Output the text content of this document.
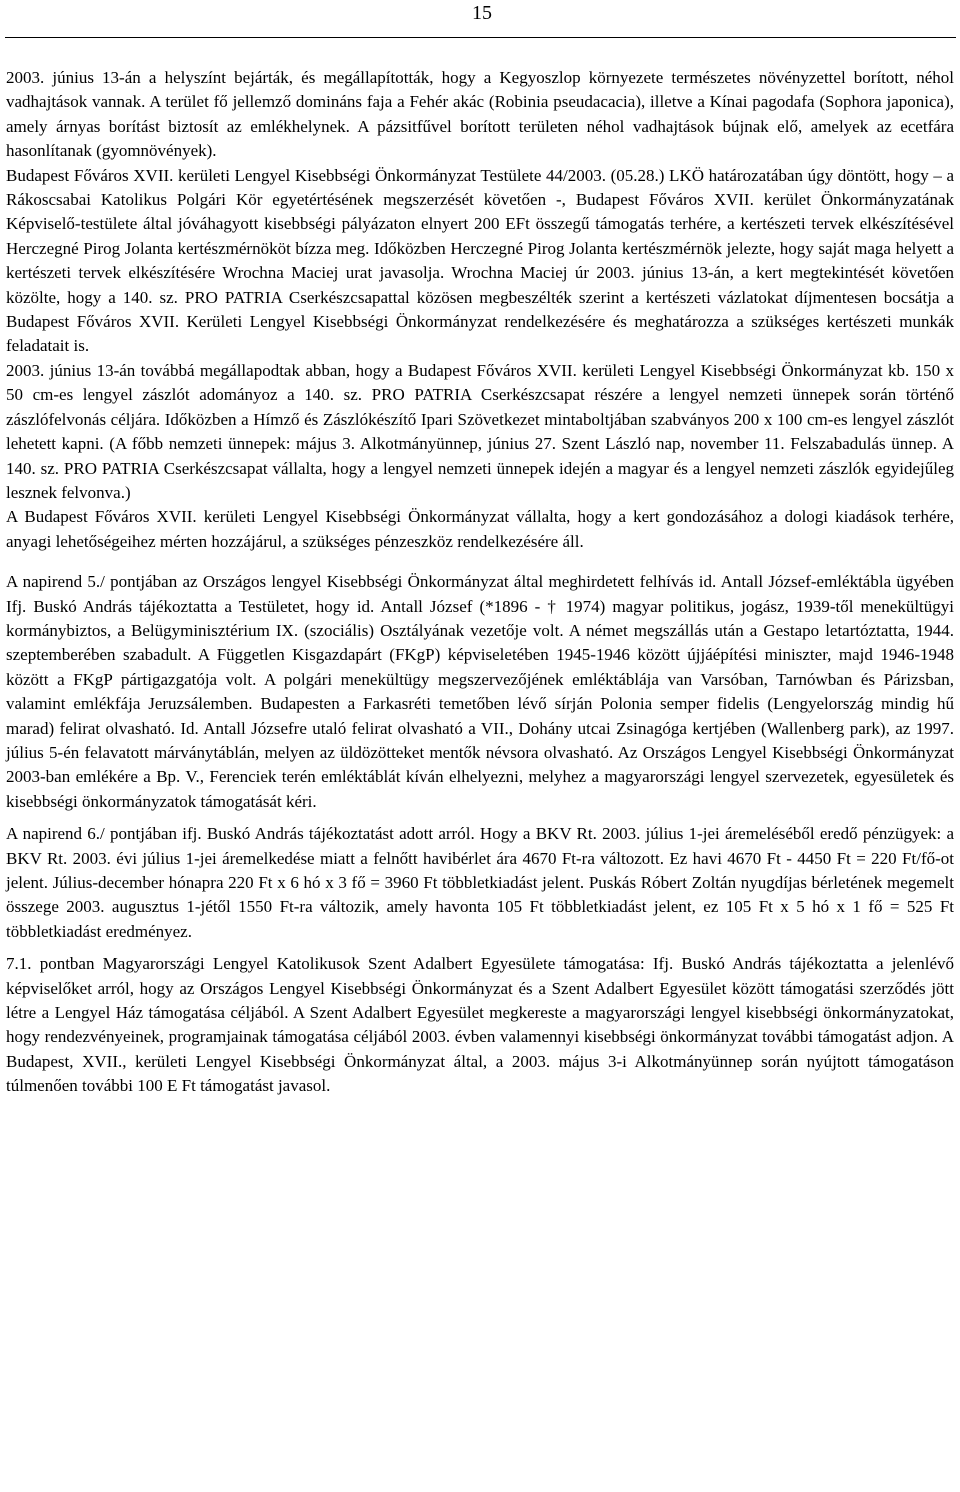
15

2003. június 13-án a helyszínt bejárták, és megállapították, hogy a Kegyoszlop környezete természetes növényzettel borított, néhol vadhajtások vannak. A terület fő jellemző domináns faja a Fehér akác (Robinia pseudacacia), illetve a Kínai pagodafa (Sophora japonica), amely árnyas borítást biztosít az emlékhelynek. A pázsitfűvel borított területen néhol vadhajtások bújnak elő, amelyek az ecetfára hasonlítanak (gyomnövények).

Budapest Főváros XVII. kerületi Lengyel Kisebbségi Önkormányzat Testülete 44/2003. (05.28.) LKÖ határozatában úgy döntött, hogy – a Rákoscsabai Katolikus Polgári Kör egyetértésének megszerzését követően -, Budapest Főváros XVII. kerület Önkormányzatának Képviselő-testülete által jóváhagyott kisebbségi pályázaton elnyert 200 EFt összegű támogatás terhére, a kertészeti tervek elkészítésével Herczegné Pirog Jolanta kertészmérnököt bízza meg. Időközben Herczegné Pirog Jolanta kertészmérnök jelezte, hogy saját maga helyett a kertészeti tervek elkészítésére Wrochna Maciej urat javasolja. Wrochna Maciej úr 2003. június 13-án, a kert megtekintését követően közölte, hogy a 140. sz. PRO PATRIA Cserkészcsapattal közösen megbeszélték szerint a kertészeti vázlatokat díjmentesen bocsátja a Budapest Főváros XVII. Kerületi Lengyel Kisebbségi Önkormányzat rendelkezésére és meghatározza a szükséges kertészeti munkák feladatait is.

2003. június 13-án továbbá megállapodtak abban, hogy a Budapest Főváros XVII. kerületi Lengyel Kisebbségi Önkormányzat kb. 150 x 50 cm-es lengyel zászlót adományoz a 140. sz. PRO PATRIA Cserkészcsapat részére a lengyel nemzeti ünnepek során történő zászlófelvonás céljára. Időközben a Hímző és Zászlókészítő Ipari Szövetkezet mintaboltjában szabványos 200 x 100 cm-es lengyel zászlót lehetett kapni. (A főbb nemzeti ünnepek: május 3. Alkotmányünnep, június 27. Szent László nap, november 11. Felszabadulás ünnep. A 140. sz. PRO PATRIA Cserkészcsapat vállalta, hogy a lengyel nemzeti ünnepek idején a magyar és a lengyel nemzeti zászlók egyidejűleg lesznek felvonva.)

A Budapest Főváros XVII. kerületi Lengyel Kisebbségi Önkormányzat vállalta, hogy a kert gondozásához a dologi kiadások terhére, anyagi lehetőségeihez mérten hozzájárul, a szükséges pénzeszköz rendelkezésére áll.

A napirend 5./ pontjában az Országos lengyel Kisebbségi Önkormányzat által meghirdetett felhívás id. Antall József-emléktábla ügyében Ifj. Buskó András tájékoztatta a Testületet, hogy id. Antall József (*1896 - † 1974) magyar politikus, jogász, 1939-től menekültügyi kormánybiztos, a Belügyminisztérium IX. (szociális) Osztályának vezetője volt. A német megszállás után a Gestapo letartóztatta, 1944. szeptemberében szabadult. A Független Kisgazdapárt (FKgP) képviseletében 1945-1946 között újjáépítési miniszter, majd 1946-1948 között a FKgP pártigazgatója volt. A polgári menekültügy megszervezőjének emléktáblája van Varsóban, Tarnówban és Párizsban, valamint emlékfája Jeruzsálemben. Budapesten a Farkasréti temetőben lévő sírján Polonia semper fidelis (Lengyelország mindig hű marad) felirat olvasható. Id. Antall Józsefre utaló felirat olvasható a VII., Dohány utcai Zsinagóga kertjében (Wallenberg park), az 1997. július 5-én felavatott márványtáblán, melyen az üldözötteket mentők névsora olvasható. Az Országos Lengyel Kisebbségi Önkormányzat 2003-ban emlékére a Bp. V., Ferenciek terén emléktáblát kíván elhelyezni, melyhez a magyarországi lengyel szervezetek, egyesületek és kisebbségi önkormányzatok támogatását kéri.

A napirend 6./ pontjában ifj. Buskó András tájékoztatást adott arról. Hogy a BKV Rt. 2003. július 1-jei áremeléséből eredő pénzügyek: a BKV Rt. 2003. évi július 1-jei áremelkedése miatt a felnőtt havibérlet ára 4670 Ft-ra változott. Ez havi 4670 Ft - 4450 Ft = 220 Ft/fő-ot jelent. Július-december hónapra 220 Ft x 6 hó x 3 fő = 3960 Ft többletkiadást jelent. Puskás Róbert Zoltán nyugdíjas bérletének megemelt összege 2003. augusztus 1-jétől 1550 Ft-ra változik, amely havonta 105 Ft többletkiadást jelent, ez 105 Ft x 5 hó x 1 fő = 525 Ft többletkiadást eredményez.

7.1. pontban Magyarországi Lengyel Katolikusok Szent Adalbert Egyesülete támogatása: Ifj. Buskó András tájékoztatta a jelenlévő képviselőket arról, hogy az Országos Lengyel Kisebbségi Önkormányzat és a Szent Adalbert Egyesület között támogatási szerződés jött létre a Lengyel Ház támogatása céljából. A Szent Adalbert Egyesület megkereste a magyarországi lengyel kisebbségi önkormányzatokat, hogy rendezvényeinek, programjainak támogatása céljából 2003. évben valamennyi kisebbségi önkormányzat további támogatást adjon. A Budapest, XVII., kerületi Lengyel Kisebbségi Önkormányzat által, a 2003. május 3-i Alkotmányünnep során nyújtott támogatáson túlmenően további 100 E Ft támogatást javasol.
